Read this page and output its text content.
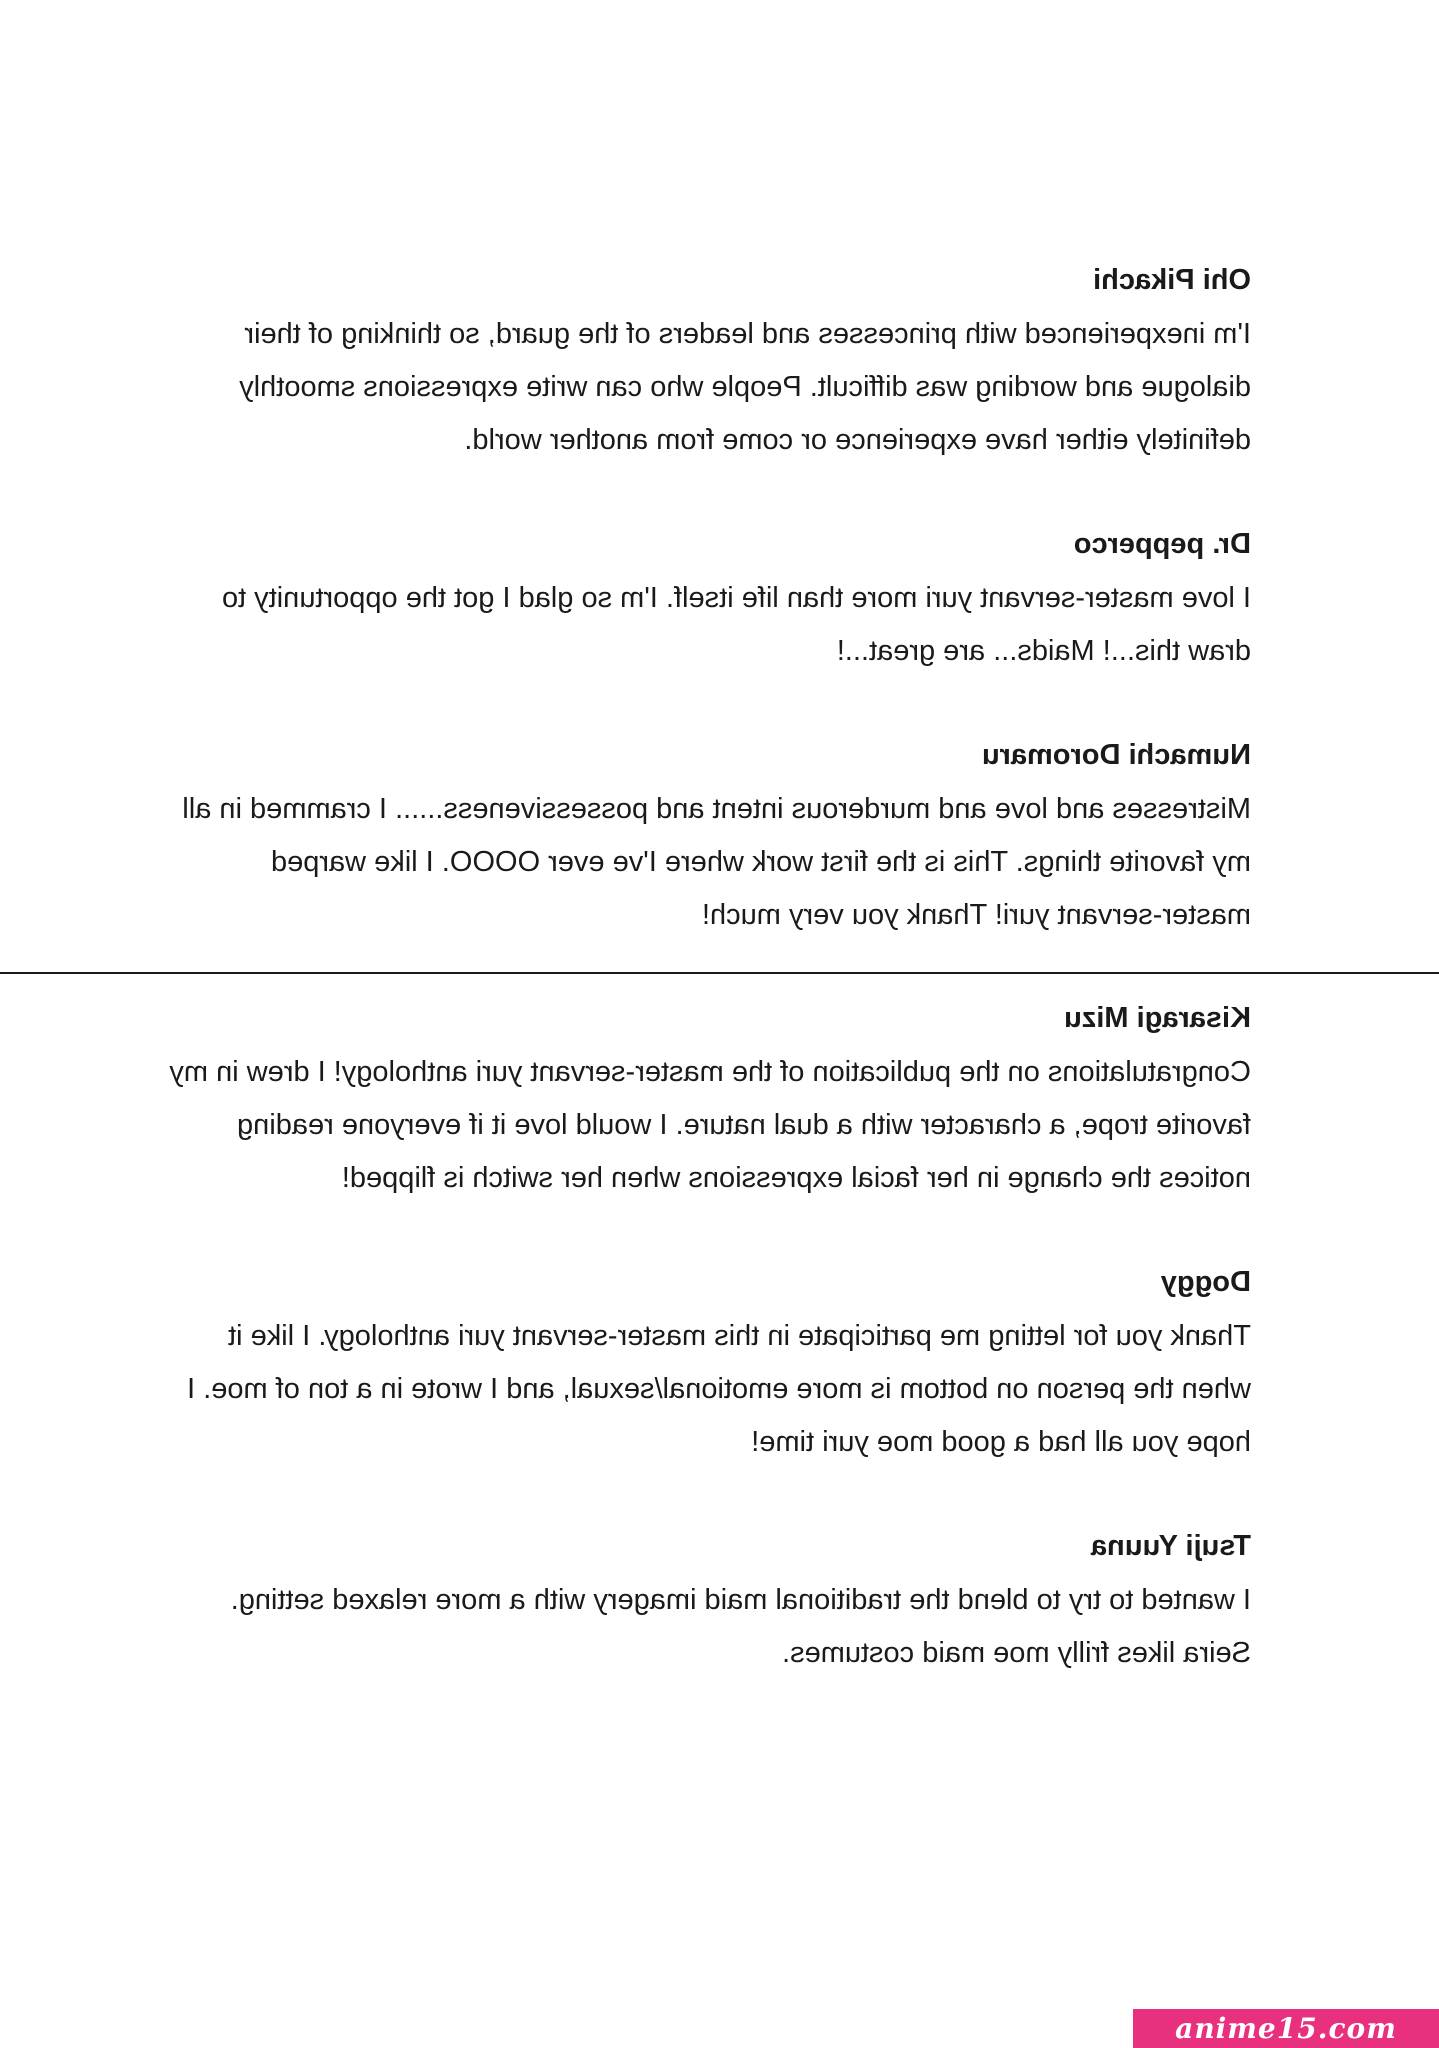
Ohi Pikachi
I'm inexperienced with princesses and leaders of the guard, so thinking of their
dialogue and wording was difficult. People who can write expressions smoothly
definitely either have experience or come from another world.
Dr. pepperco
I love master-servant yuri more than life itself. I'm so glad I got the opportunity to
draw this...! Maids... are great...!
Numachi Doromaru
Mistresses and love and murderous intent and possessiveness...... I crammed in all
my favorite things. This is the first work where I've ever OOOO. I like warped
master-servant yuri! Thank you very much!
Kisaragi Mizu
Congratulations on the publication of the master-servant yuri anthology! I drew in my
favorite trope, a character with a dual nature. I would love it if everyone reading
notices the change in her facial expressions when her switch is flipped!
Doggy
Thank you for letting me participate in this master-servant yuri anthology. I like it
when the person on bottom is more emotional/sexual, and I wrote in a ton of moe. I
hope you all had a good moe yuri time!
Tsuji Yuuna
I wanted to try to blend the traditional maid imagery with a more relaxed setting.
Seira likes frilly moe maid costumes.
anime15.com
